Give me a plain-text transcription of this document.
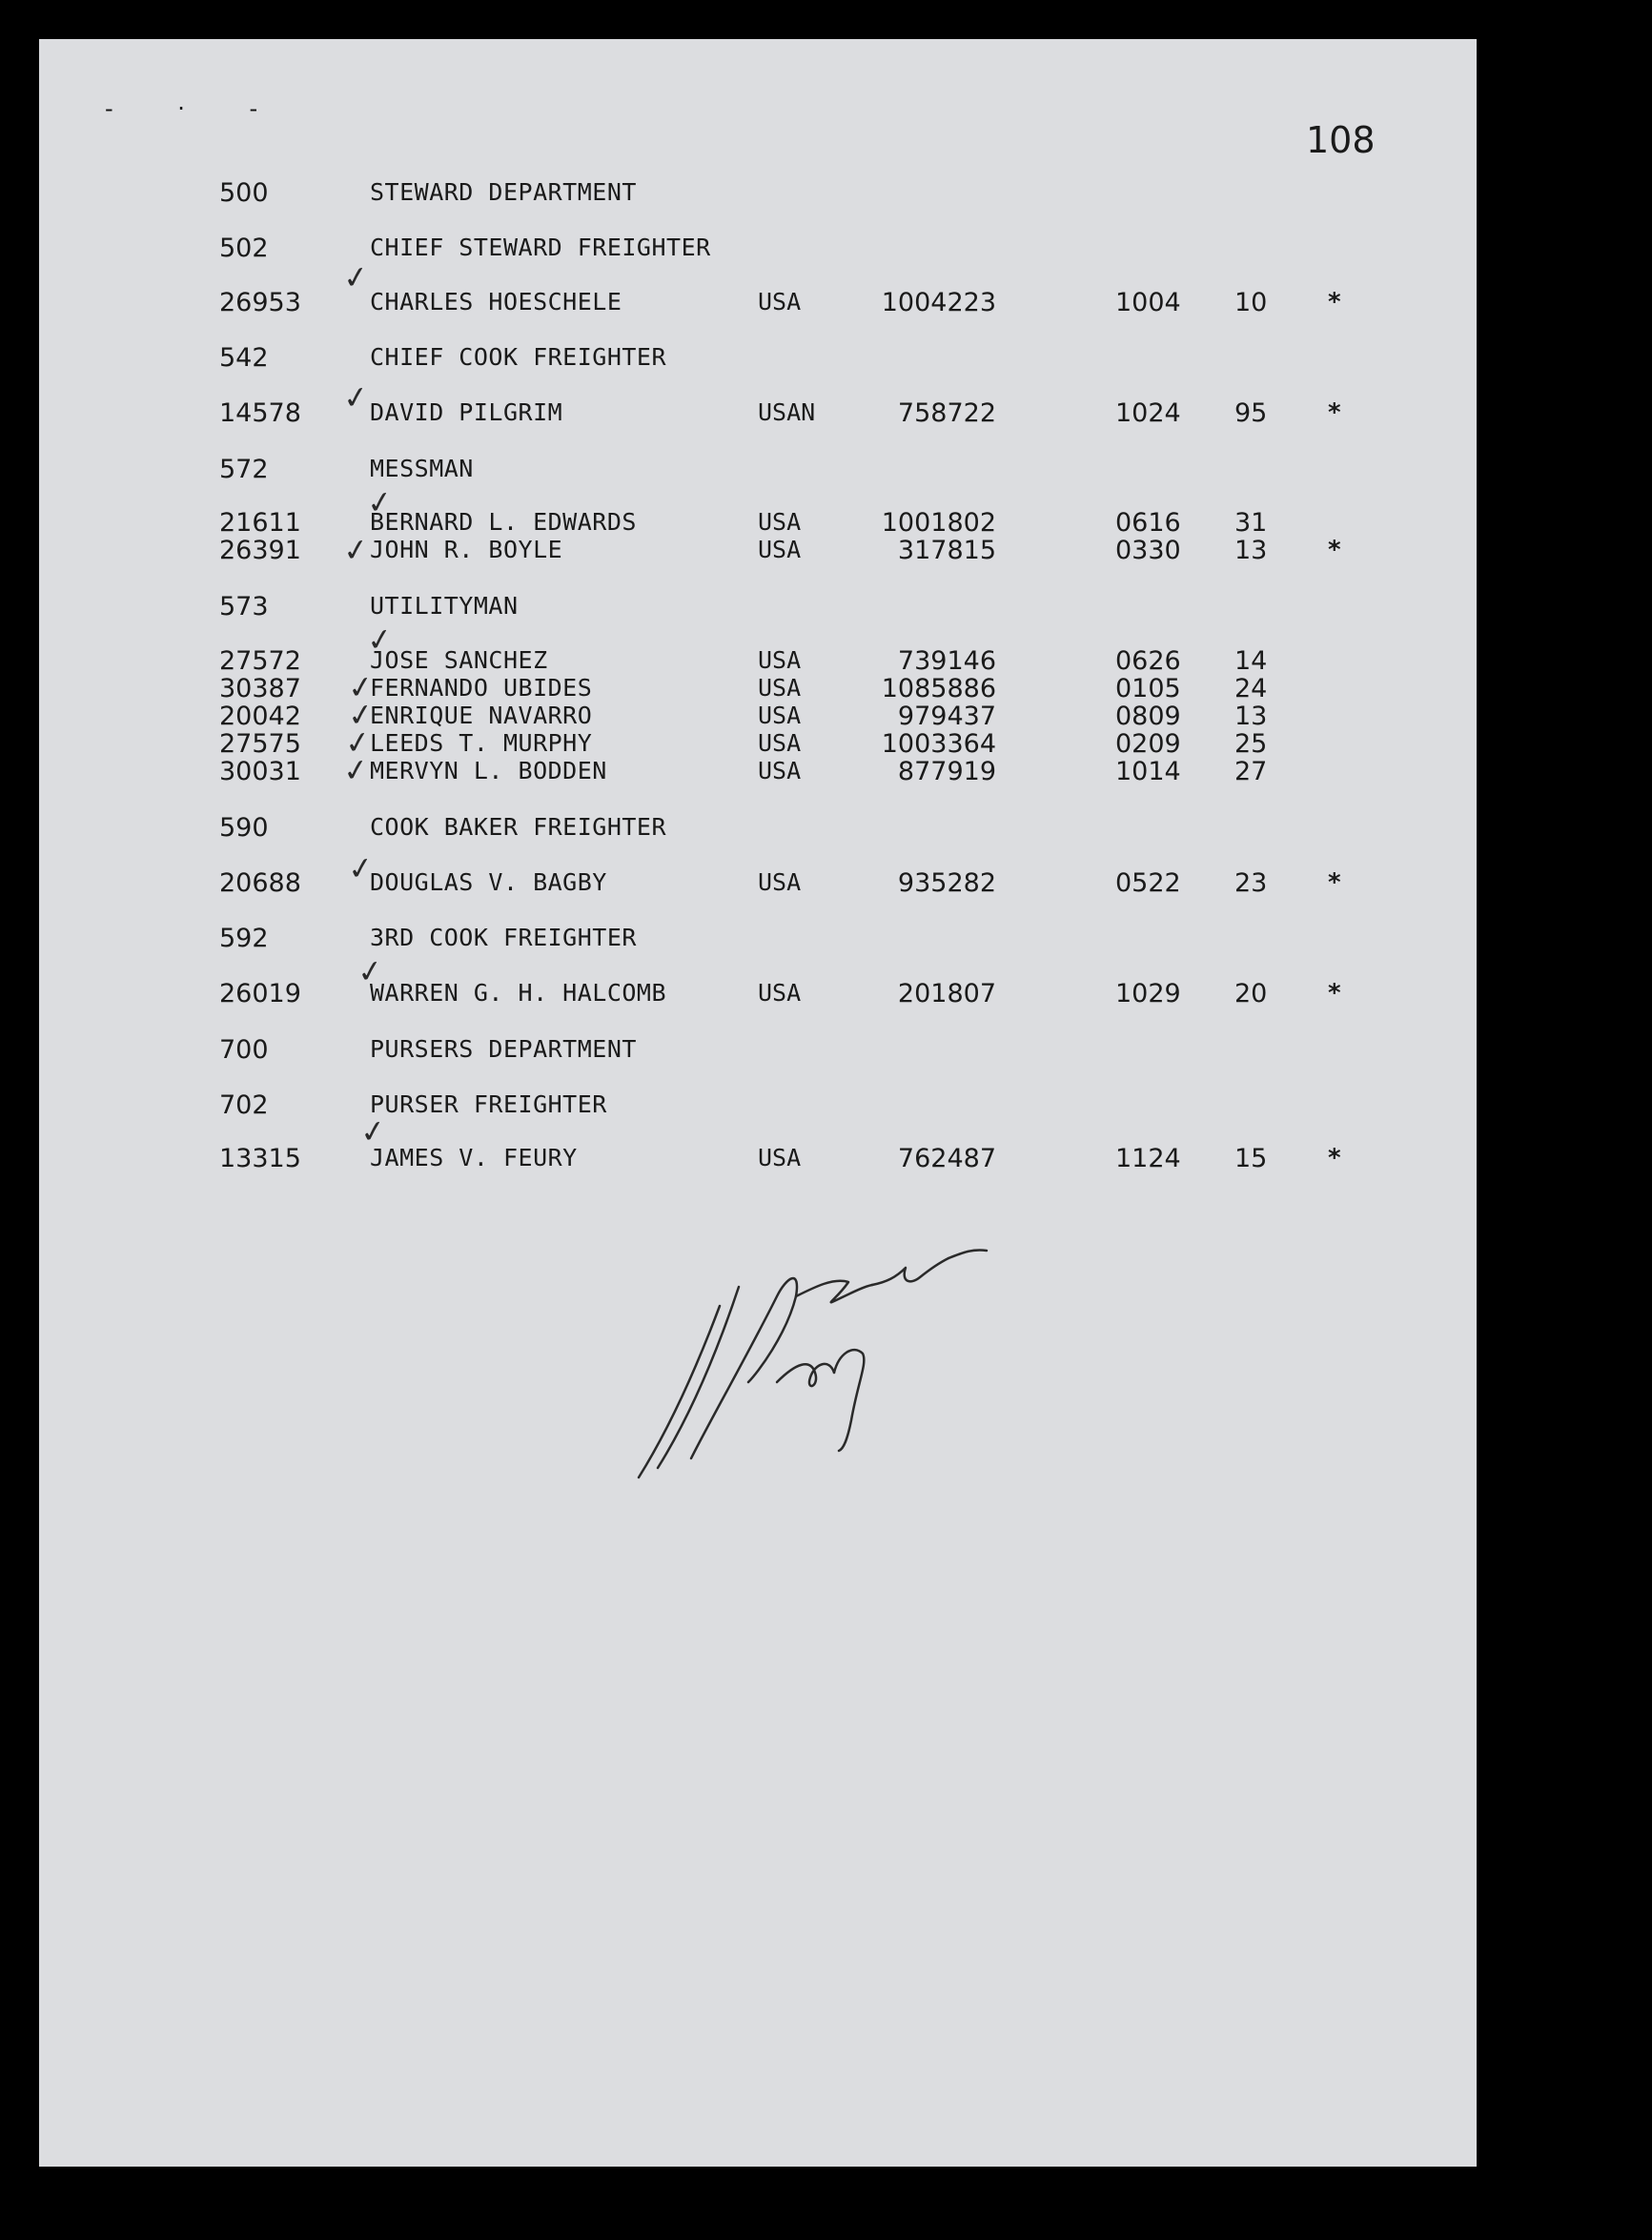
- · -
108
500	STEWARD DEPARTMENT
502	CHIEF STEWARD FREIGHTER
✓
26953	CHARLES HOESCHELE	USA	1004223	1004 10 *
542	CHIEF COOK FREIGHTER
✓
14578	DAVID PILGRIM	USAN	758722	1024 95 *
572	MESSMAN
✓
21611	BERNARD L. EDWARDS	USA	1001802	0616 31
✓
26391	JOHN R. BOYLE	USA	317815	0330 13 *
573	UTILITYMAN
✓
27572	JOSE SANCHEZ	USA	739146	0626 14
✓
30387	FERNANDO UBIDES	USA	1085886	0105 24
✓
20042	ENRIQUE NAVARRO	USA	979437	0809 13
✓
27575	LEEDS T. MURPHY	USA	1003364	0209 25
✓
30031	MERVYN L. BODDEN	USA	877919	1014 27
590	COOK BAKER FREIGHTER
✓
20688	DOUGLAS V. BAGBY	USA	935282	0522 23 *
592	3RD COOK FREIGHTER
✓
26019	WARREN G. H. HALCOMB	USA	201807	1029 20 *
700	PURSERS DEPARTMENT
702	PURSER FREIGHTER
✓
13315	JAMES V. FEURY	USA	762487	1124 15 *
